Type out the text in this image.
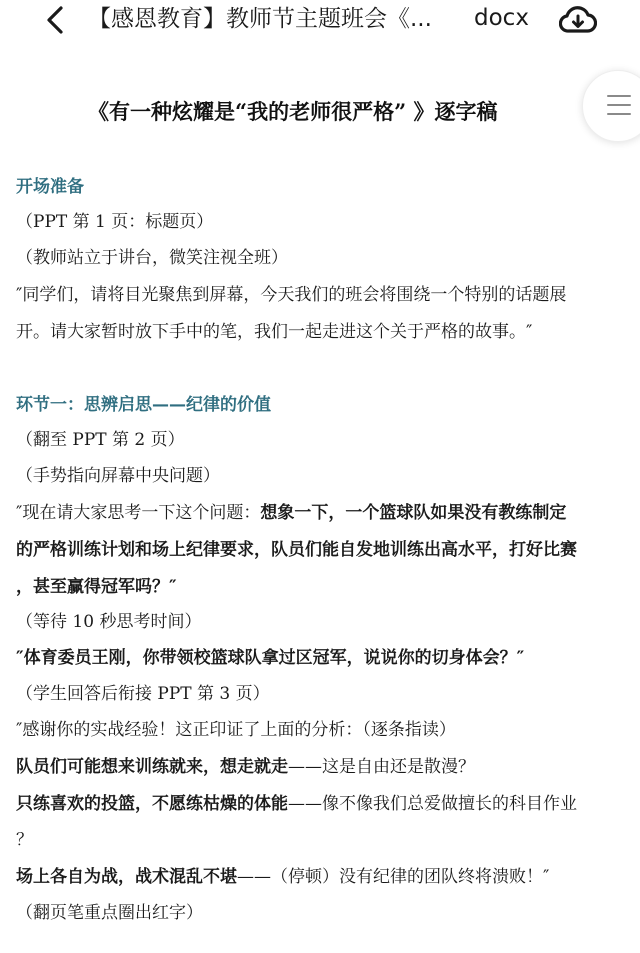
【感恩教育】教师节主题班会《... docx
《有一种炫耀是“我的老师很严格” 》逐字稿
开场准备
（PPT 第 1 页：标题页）
（教师站立于讲台，微笑注视全班）
″同学们，请将目光聚焦到屏幕，今天我们的班会将围绕一个特别的话题展
开。请大家暂时放下手中的笔，我们一起走进这个关于严格的故事。″
环节一：思辨启思——纪律的价值
（翻至 PPT 第 2 页）
（手势指向屏幕中央问题）
″现在请大家思考一下这个问题：想象一下，一个篮球队如果没有教练制定
的严格训练计划和场上纪律要求，队员们能自发地训练出高水平，打好比赛
，甚至赢得冠军吗？″
（等待 10 秒思考时间）
″体育委员王刚，你带领校篮球队拿过区冠军，说说你的切身体会？″
（学生回答后衔接 PPT 第 3 页）
″感谢你的实战经验！这正印证了上面的分析：（逐条指读）
队员们可能想来训练就来，想走就走——这是自由还是散漫？
只练喜欢的投篮，不愿练枯燥的体能——像不像我们总爱做擅长的科目作业
？
场上各自为战，战术混乱不堪——（停顿）没有纪律的团队终将溃败！″
（翻页笔重点圈出红字）
